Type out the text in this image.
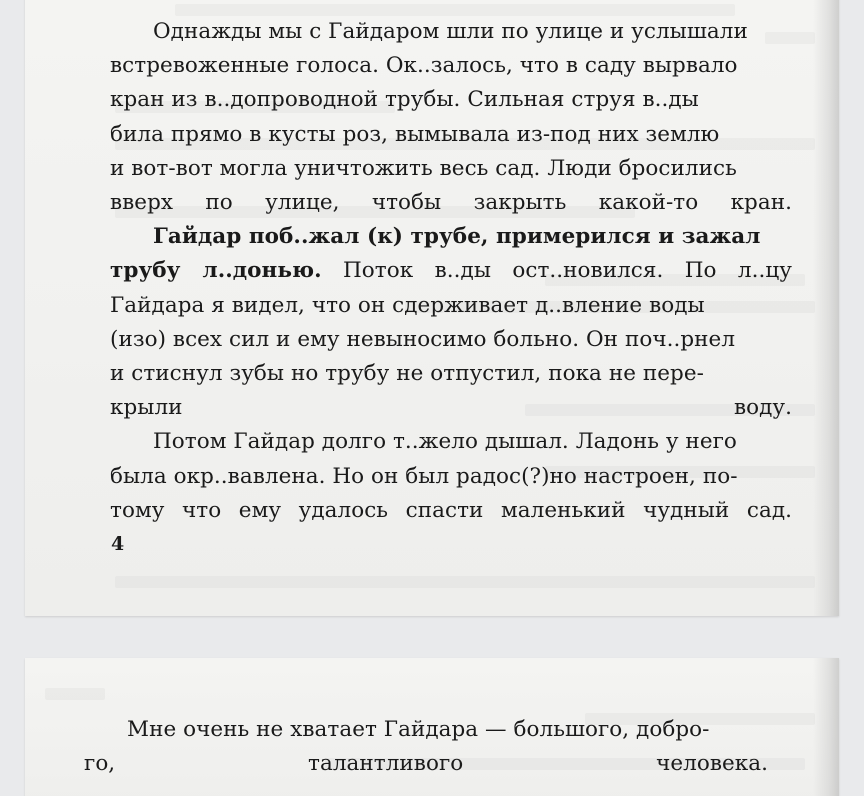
Однажды мы с Гайдаром шли по улице и услышали
встревоженные голоса. Ок..залось, что в саду вырвало
кран из в..допроводной трубы. Сильная струя в..ды
била прямо в кусты роз, вымывала из-под них землю
и вот-вот могла уничтожить весь сад. Люди бросились
вверх по улице, чтобы закрыть какой-то кран.
Гайдар поб..жал (к) трубе, примерился и зажал
трубу л..донью. Поток в..ды ост..новился. По л..цу
Гайдара я видел, что он сдерживает д..вление воды
(изо) всех сил и ему невыносимо больно. Он поч..рнел
и стиснул зубы но трубу не отпустил, пока не пере-
крыли воду.
Потом Гайдар долго т..жело дышал. Ладонь у него
была окр..вавлена. Но он был радос(?)но настроен, по-
тому что ему удалось спасти маленький чудный сад.
4
Мне очень не хватает Гайдара — большого, добро-
го, талантливого человека.
